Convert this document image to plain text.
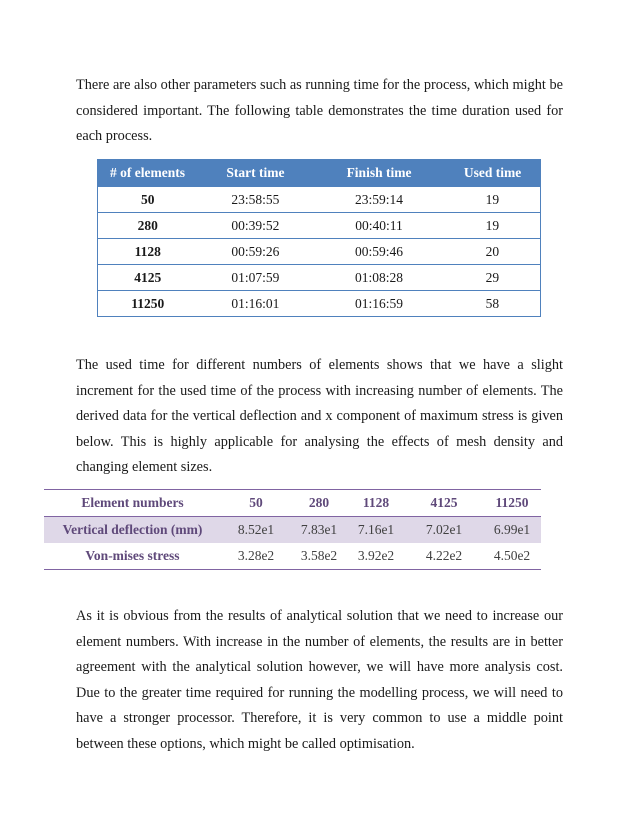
There are also other parameters such as running time for the process, which might be considered important. The following table demonstrates the time duration used for each process.

# of elements	Start time	Finish time	Used time
50	23:58:55	23:59:14	19
280	00:39:52	00:40:11	19
1128	00:59:26	00:59:46	20
4125	01:07:59	01:08:28	29
11250	01:16:01	01:16:59	58

The used time for different numbers of elements shows that we have a slight increment for the used time of the process with increasing number of elements. The derived data for the vertical deflection and x component of maximum stress is given below. This is highly applicable for analysing the effects of mesh density and changing element sizes.

Element numbers	50	280	1128	4125	11250
Vertical deflection (mm)	8.52e1	7.83e1	7.16e1	7.02e1	6.99e1
Von-mises stress	3.28e2	3.58e2	3.92e2	4.22e2	4.50e2

As it is obvious from the results of analytical solution that we need to increase our element numbers. With increase in the number of elements, the results are in better agreement with the analytical solution however, we will have more analysis cost. Due to the greater time required for running the modelling process, we will need to have a stronger processor. Therefore, it is very common to use a middle point between these options, which might be called optimisation.
